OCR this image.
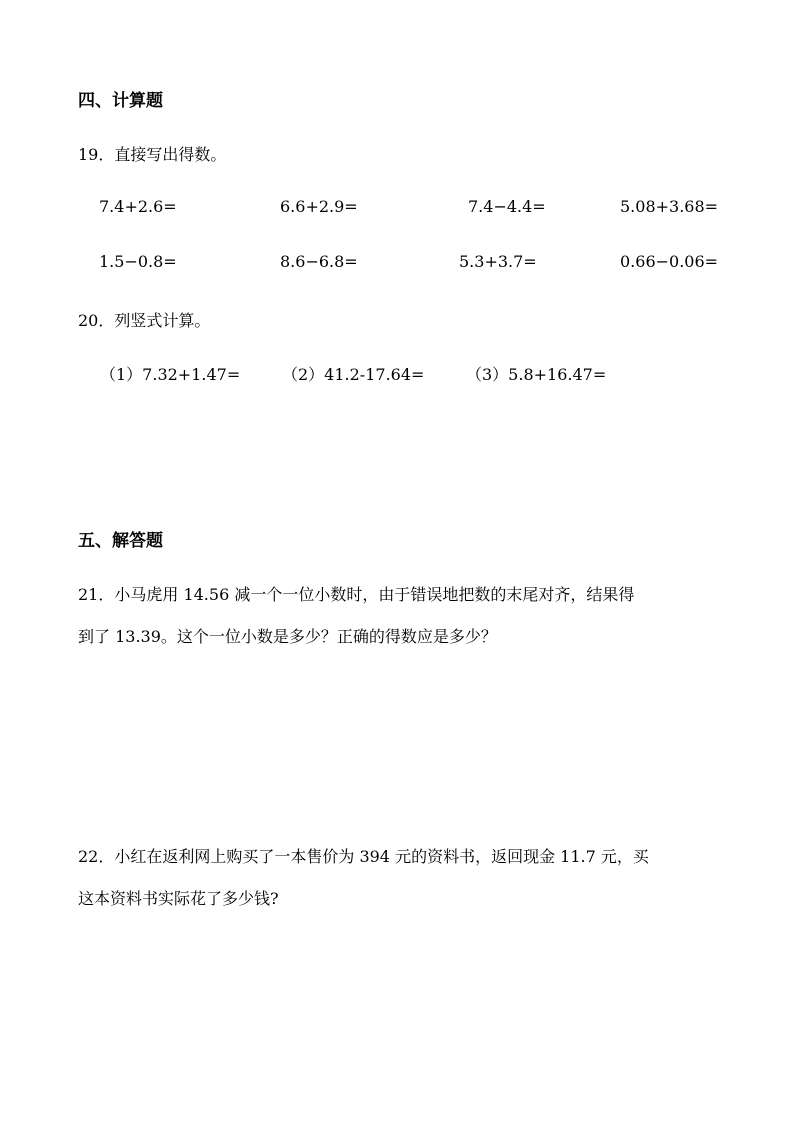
四、计算题
19．直接写出得数。
7.4+2.6=	6.6+2.9=	7.4−4.4=	5.08+3.68=
1.5−0.8=	8.6−6.8=	5.3+3.7=	0.66−0.06=
20．列竖式计算。
（1）7.32+1.47=	（2）41.2-17.64=	（3）5.8+16.47=
五、解答题
21．小马虎用 14.56 减一个一位小数时，由于错误地把数的末尾对齐，结果得
到了 13.39。这个一位小数是多少？正确的得数应是多少？
22．小红在返利网上购买了一本售价为 394 元的资料书，返回现金 11.7 元，买
这本资料书实际花了多少钱?
